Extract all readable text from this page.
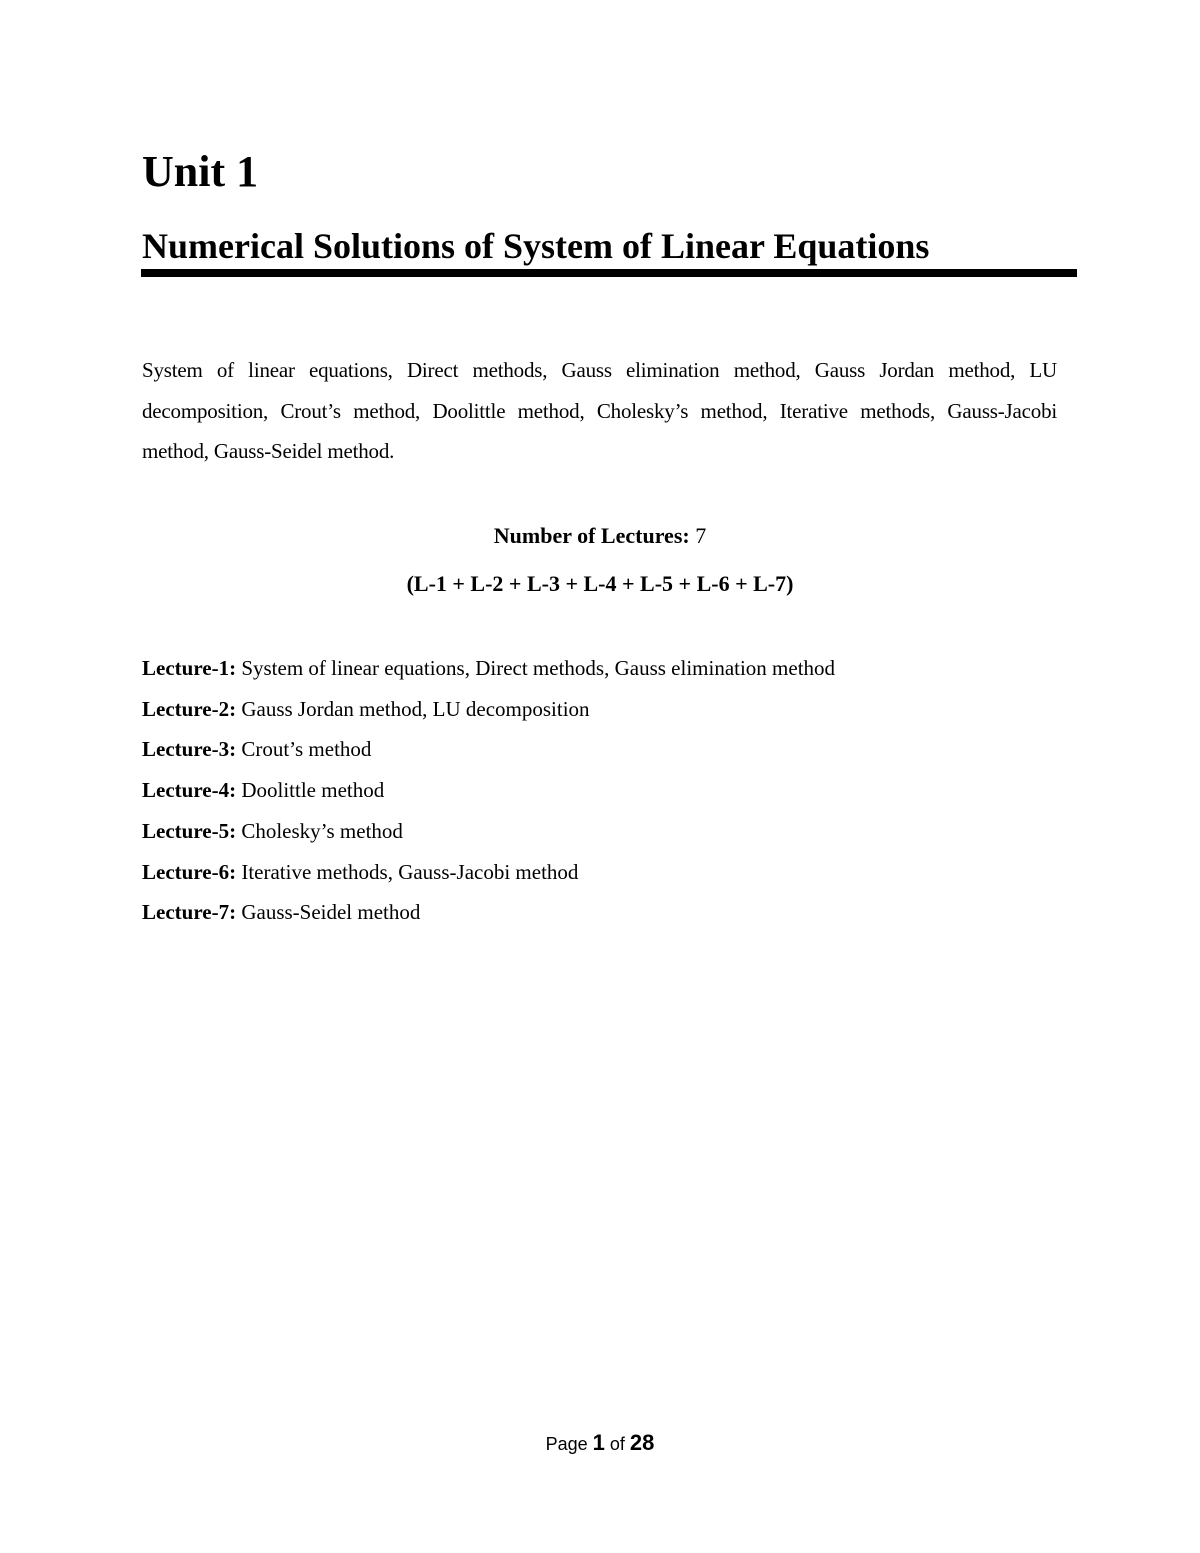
Unit 1
Numerical Solutions of System of Linear Equations

System of linear equations, Direct methods, Gauss elimination method, Gauss Jordan method, LU decomposition, Crout’s method, Doolittle method, Cholesky’s method, Iterative methods, Gauss-Jacobi method, Gauss-Seidel method.

Number of Lectures: 7
(L-1 + L-2 + L-3 + L-4 + L-5 + L-6 + L-7)
Lecture-1: System of linear equations, Direct methods, Gauss elimination method
Lecture-2: Gauss Jordan method, LU decomposition
Lecture-3: Crout’s method
Lecture-4: Doolittle method
Lecture-5: Cholesky’s method
Lecture-6: Iterative methods, Gauss-Jacobi method
Lecture-7: Gauss-Seidel method
Page 1 of 28
